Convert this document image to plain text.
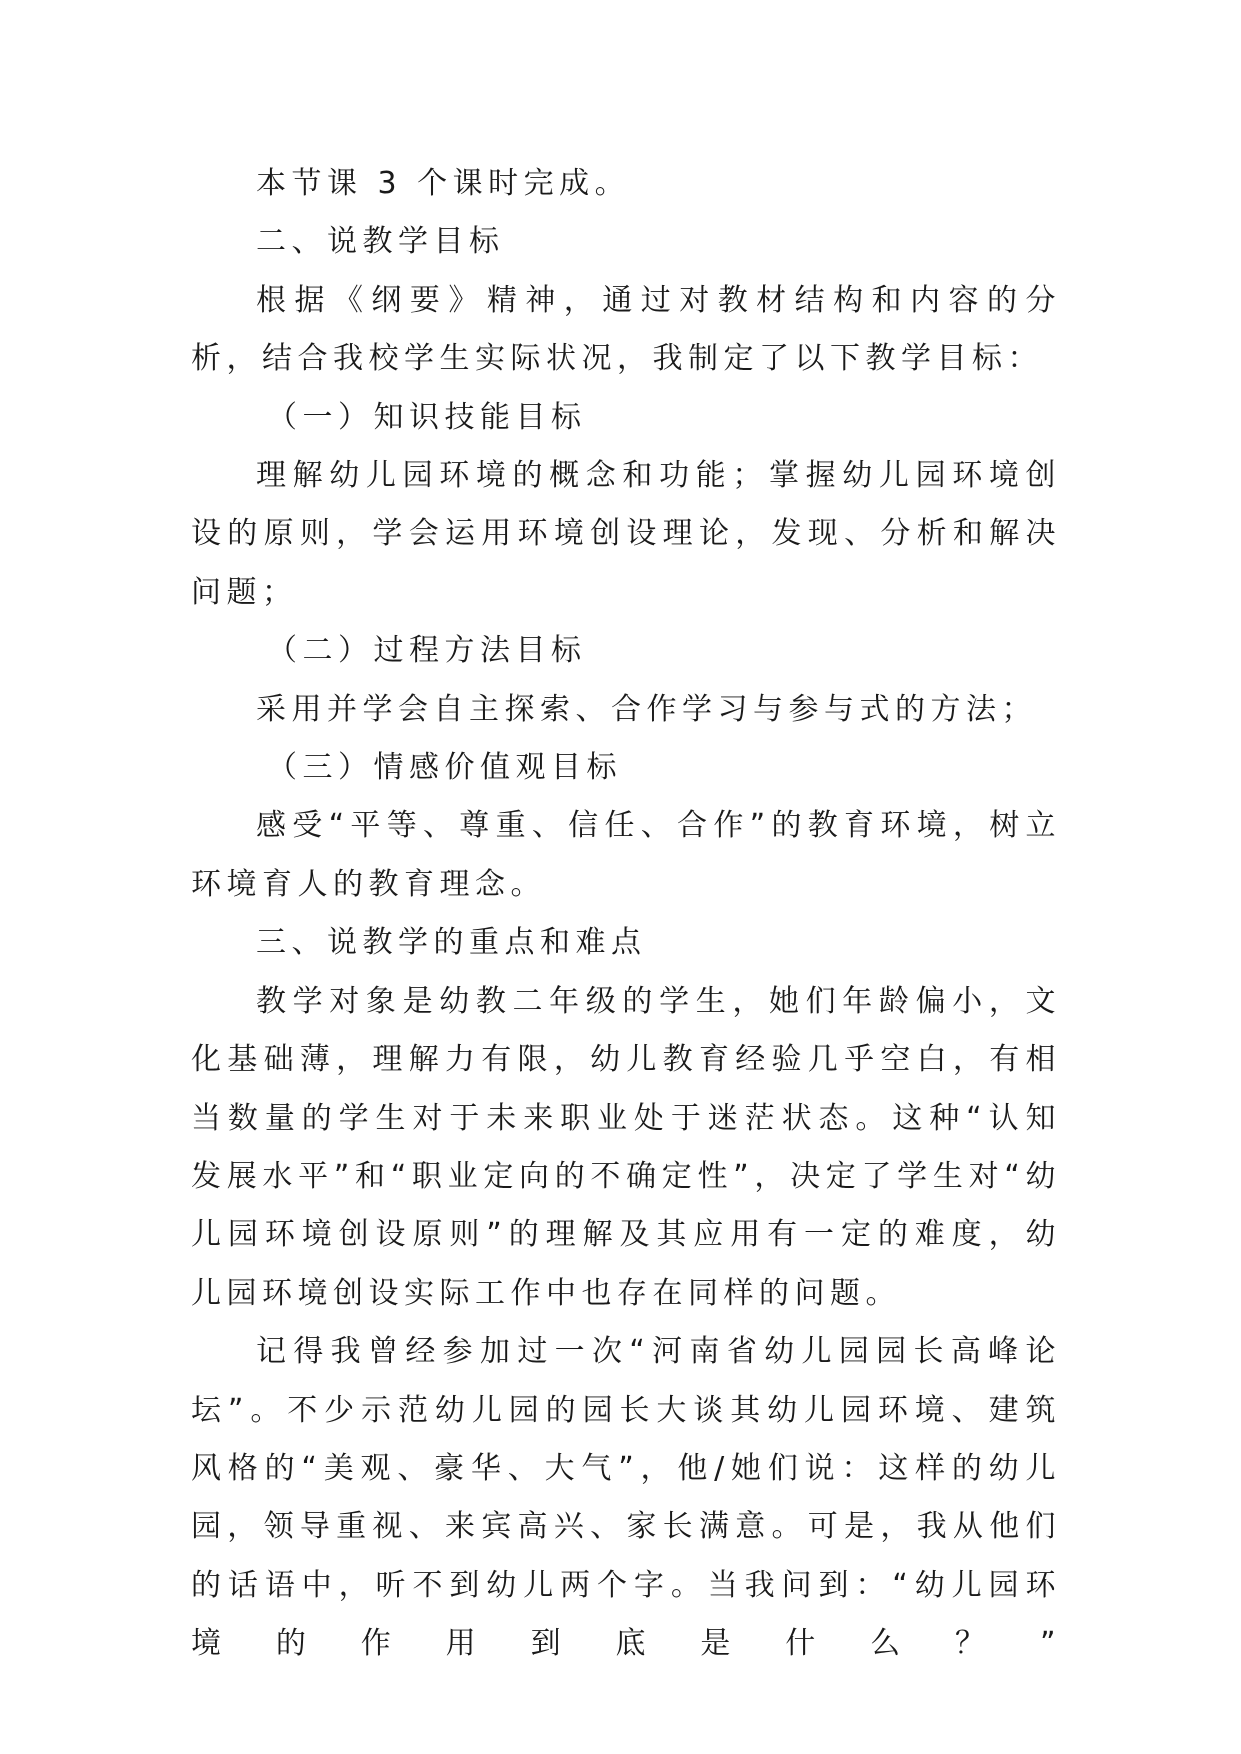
本节课 3 个课时完成。

二、说教学目标

根据《纲要》精神，通过对教材结构和内容的分析，结合我校学生实际状况，我制定了以下教学目标：

（一）知识技能目标

理解幼儿园环境的概念和功能；掌握幼儿园环境创设的原则，学会运用环境创设理论，发现、分析和解决问题；

（二）过程方法目标

采用并学会自主探索、合作学习与参与式的方法；

（三）情感价值观目标

感受“平等、尊重、信任、合作”的教育环境，树立环境育人的教育理念。

三、说教学的重点和难点

教学对象是幼教二年级的学生，她们年龄偏小，文化基础薄，理解力有限，幼儿教育经验几乎空白，有相当数量的学生对于未来职业处于迷茫状态。这种“认知发展水平”和“职业定向的不确定性”，决定了学生对“幼儿园环境创设原则”的理解及其应用有一定的难度，幼儿园环境创设实际工作中也存在同样的问题。

记得我曾经参加过一次“河南省幼儿园园长高峰论坛”。不少示范幼儿园的园长大谈其幼儿园环境、建筑风格的“美观、豪华、大气”，他/她们说：这样的幼儿园，领导重视、来宾高兴、家长满意。可是，我从他们的话语中，听不到幼儿两个字。当我问到：“幼儿园环境的作用到底是什么？”
